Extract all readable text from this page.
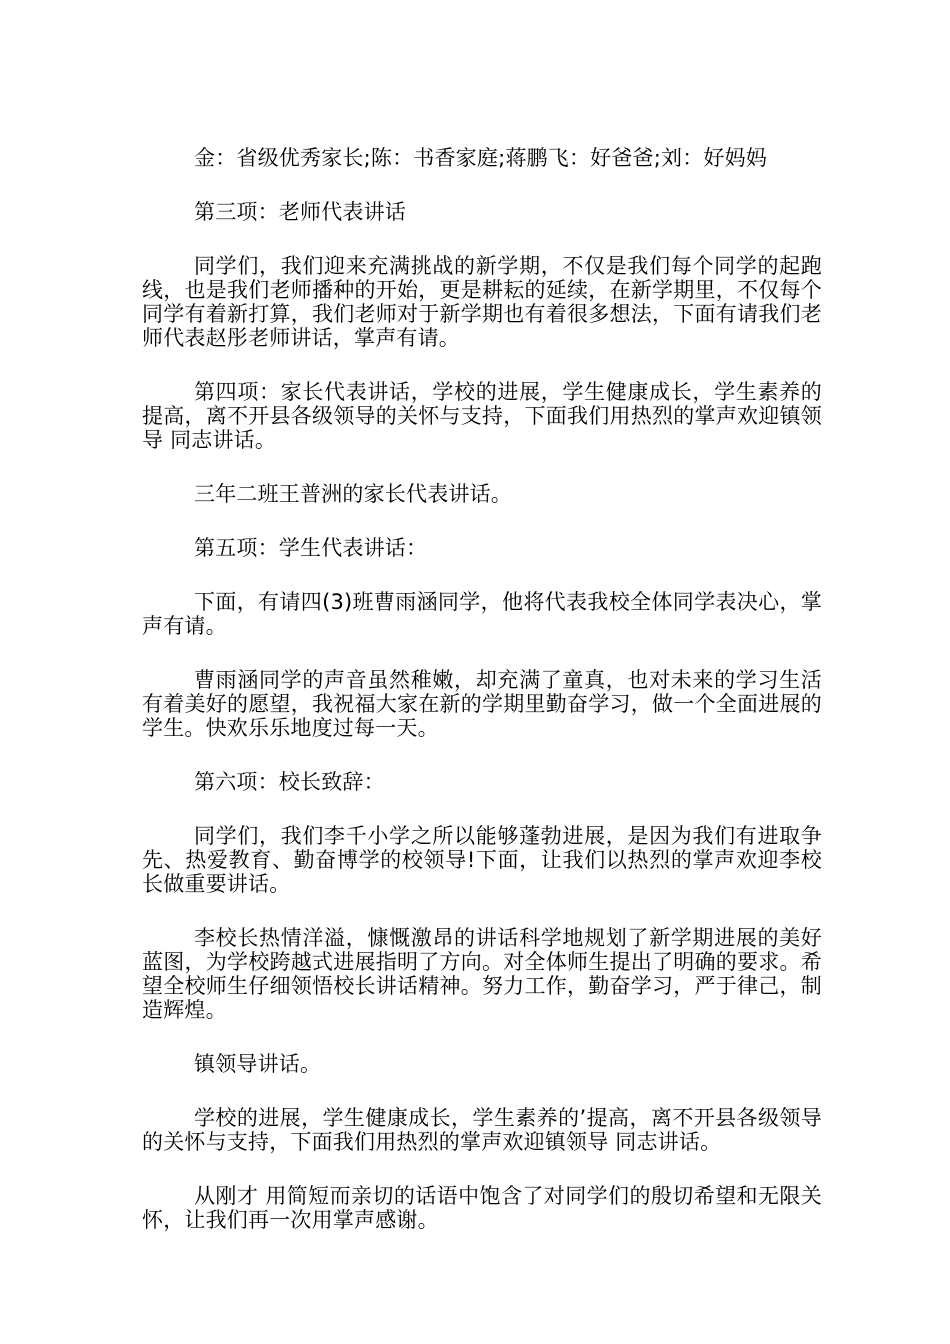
金：省级优秀家长;陈：书香家庭;蒋鹏飞：好爸爸;刘：好妈妈

第三项：老师代表讲话

同学们，我们迎来充满挑战的新学期，不仅是我们每个同学的起跑线，也是我们老师播种的开始，更是耕耘的延续，在新学期里，不仅每个同学有着新打算，我们老师对于新学期也有着很多想法，下面有请我们老师代表赵彤老师讲话，掌声有请。

第四项：家长代表讲话，学校的进展，学生健康成长，学生素养的提高，离不开县各级领导的关怀与支持，下面我们用热烈的掌声欢迎镇领导 同志讲话。

三年二班王普洲的家长代表讲话。

第五项：学生代表讲话：

下面，有请四(3)班曹雨涵同学，他将代表我校全体同学表决心，掌声有请。

曹雨涵同学的声音虽然稚嫩，却充满了童真，也对未来的学习生活有着美好的愿望，我祝福大家在新的学期里勤奋学习，做一个全面进展的学生。快欢乐乐地度过每一天。

第六项：校长致辞：

同学们，我们李千小学之所以能够蓬勃进展，是因为我们有进取争先、热爱教育、勤奋博学的校领导!下面，让我们以热烈的掌声欢迎李校长做重要讲话。

李校长热情洋溢，慷慨激昂的讲话科学地规划了新学期进展的美好蓝图，为学校跨越式进展指明了方向。对全体师生提出了明确的要求。希望全校师生仔细领悟校长讲话精神。努力工作，勤奋学习，严于律己，制造辉煌。

镇领导讲话。

学校的进展，学生健康成长，学生素养的’提高，离不开县各级领导的关怀与支持，下面我们用热烈的掌声欢迎镇领导 同志讲话。

从刚才 用简短而亲切的话语中饱含了对同学们的殷切希望和无限关怀，让我们再一次用掌声感谢。
